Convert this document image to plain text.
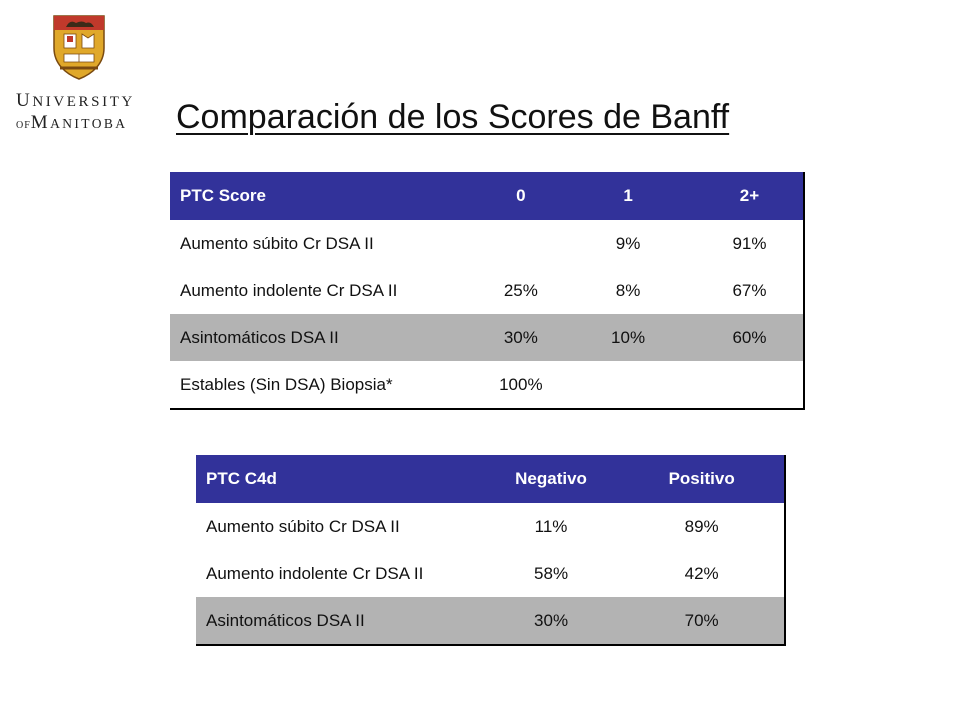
UNIVERSITY
OFMANITOBA	Comparación de los Scores de Banff
PTC Score	0	1	2+
Aumento súbito Cr DSA II		9%	91%
Aumento indolente Cr DSA II	25%	8%	67%
Asintomáticos DSA II	30%	10%	60%
Estables (Sin DSA) Biopsia*	100%		
PTC C4d	Negativo	Positivo
Aumento súbito Cr DSA II	11%	89%
Aumento indolente Cr DSA II	58%	42%
Asintomáticos DSA II	30%	70%
